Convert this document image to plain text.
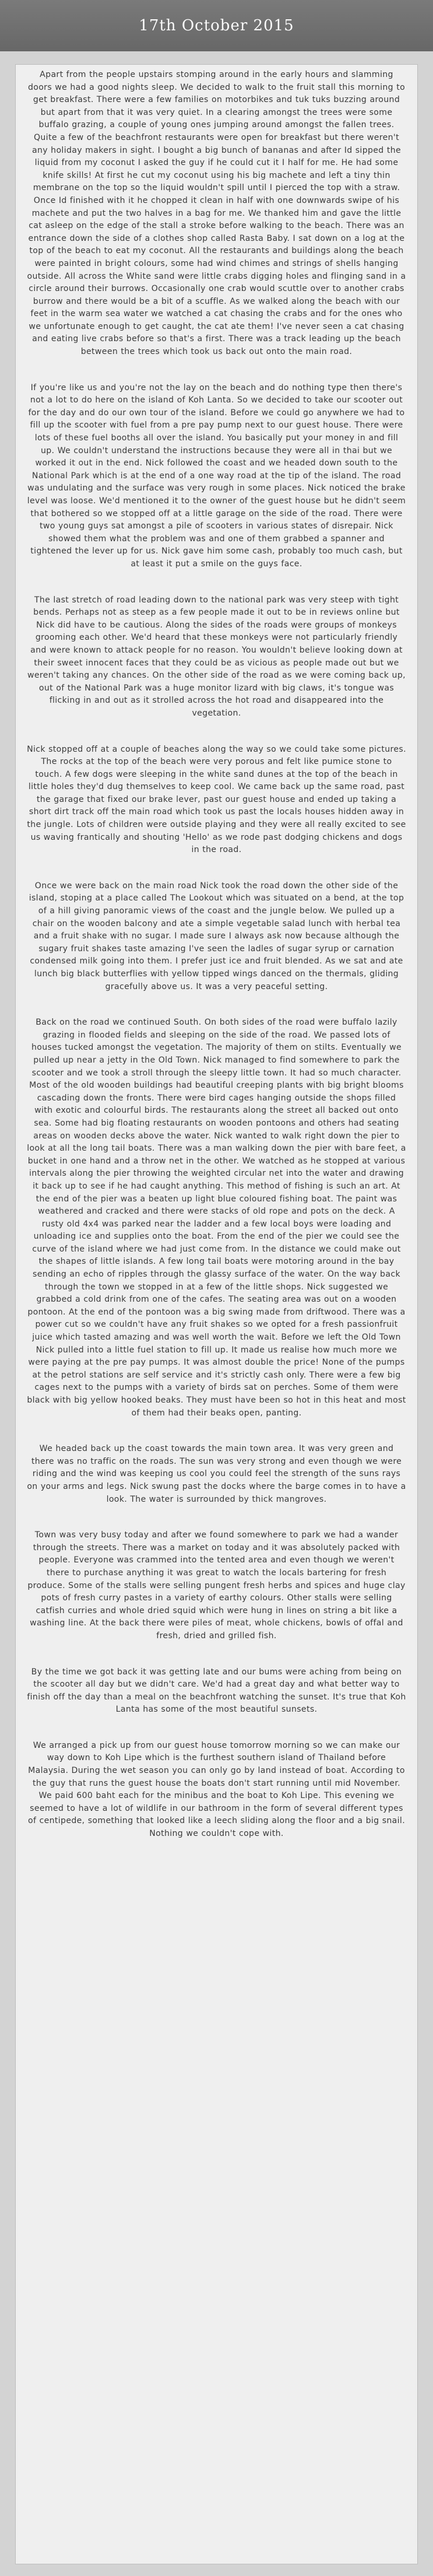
17th October 2015

Apart from the people upstairs stomping around in the early hours and slamming doors we had a good nights sleep. We decided to walk to the fruit stall this morning to get breakfast. There were a few families on motorbikes and tuk tuks buzzing around but apart from that it was very quiet. In a clearing amongst the trees were some buffalo grazing, a couple of young ones jumping around amongst the fallen trees. Quite a few of the beachfront restaurants were open for breakfast but there weren't any holiday makers in sight. I bought a big bunch of bananas and after Id sipped the liquid from my coconut I asked the guy if he could cut it I half for me. He had some knife skills! At first he cut my coconut using his big machete and left a tiny thin membrane on the top so the liquid wouldn't spill until I pierced the top with a straw. Once Id finished with it he chopped it clean in half with one downwards swipe of his machete and put the two halves in a bag for me. We thanked him and gave the little cat asleep on the edge of the stall a stroke before walking to the beach. There was an entrance down the side of a clothes shop called Rasta Baby. I sat down on a log at the top of the beach to eat my coconut. All the restaurants and buildings along the beach were painted in bright colours, some had wind chimes and strings of shells hanging outside. All across the White sand were little crabs digging holes and flinging sand in a circle around their burrows. Occasionally one crab would scuttle over to another crabs burrow and there would be a bit of a scuffle. As we walked along the beach with our feet in the warm sea water we watched a cat chasing the crabs and for the ones who we unfortunate enough to get caught, the cat ate them! I've never seen a cat chasing and eating live crabs before so that's a first. There was a track leading up the beach between the trees which took us back out onto the main road.

If you're like us and you're not the lay on the beach and do nothing type then there's not a lot to do here on the island of Koh Lanta. So we decided to take our scooter out for the day and do our own tour of the island. Before we could go anywhere we had to fill up the scooter with fuel from a pre pay pump next to our guest house. There were lots of these fuel booths all over the island. You basically put your money in and fill up. We couldn't understand the instructions because they were all in thai but we worked it out in the end. Nick followed the coast and we headed down south to the National Park which is at the end of a one way road at the tip of the island. The road was undulating and the surface was very rough in some places. Nick noticed the brake level was loose. We'd mentioned it to the owner of the guest house but he didn't seem that bothered so we stopped off at a little garage on the side of the road. There were two young guys sat amongst a pile of scooters in various states of disrepair. Nick showed them what the problem was and one of them grabbed a spanner and tightened the lever up for us. Nick gave him some cash, probably too much cash, but at least it put a smile on the guys face.

The last stretch of road leading down to the national park was very steep with tight bends. Perhaps not as steep as a few people made it out to be in reviews online but Nick did have to be cautious. Along the sides of the roads were groups of monkeys grooming each other. We'd heard that these monkeys were not particularly friendly and were known to attack people for no reason. You wouldn't believe looking down at their sweet innocent faces that they could be as vicious as people made out but we weren't taking any chances. On the other side of the road as we were coming back up, out of the National Park was a huge monitor lizard with big claws, it's tongue was flicking in and out as it strolled across the hot road and disappeared into the vegetation.

Nick stopped off at a couple of beaches along the way so we could take some pictures. The rocks at the top of the beach were very porous and felt like pumice stone to touch. A few dogs were sleeping in the white sand dunes at the top of the beach in little holes they'd dug themselves to keep cool. We came back up the same road, past the garage that fixed our brake lever, past our guest house and ended up taking a short dirt track off the main road which took us past the locals houses hidden away in the jungle. Lots of children were outside playing and they were all really excited to see us waving frantically and shouting 'Hello' as we rode past dodging chickens and dogs in the road.

Once we were back on the main road Nick took the road down the other side of the island, stoping at a place called The Lookout which was situated on a bend, at the top of a hill giving panoramic views of the coast and the jungle below. We pulled up a chair on the wooden balcony and ate a simple vegetable salad lunch with herbal tea and a fruit shake with no sugar. I made sure I always ask now because although the sugary fruit shakes taste amazing I've seen the ladles of sugar syrup or carnation condensed milk going into them. I prefer just ice and fruit blended. As we sat and ate lunch big black butterflies with yellow tipped wings danced on the thermals, gliding gracefully above us. It was a very peaceful setting.

Back on the road we continued South. On both sides of the road were buffalo lazily grazing in flooded fields and sleeping on the side of the road. We passed lots of houses tucked amongst the vegetation. The majority of them on stilts. Eventually we pulled up near a jetty in the Old Town. Nick managed to find somewhere to park the scooter and we took a stroll through the sleepy little town. It had so much character. Most of the old wooden buildings had beautiful creeping plants with big bright blooms cascading down the fronts. There were bird cages hanging outside the shops filled with exotic and colourful birds. The restaurants along the street all backed out onto sea. Some had big floating restaurants on wooden pontoons and others had seating areas on wooden decks above the water. Nick wanted to walk right down the pier to look at all the long tail boats. There was a man walking down the pier with bare feet, a bucket in one hand and a throw net in the other. We watched as he stopped at various intervals along the pier throwing the weighted circular net into the water and drawing it back up to see if he had caught anything. This method of fishing is such an art. At the end of the pier was a beaten up light blue coloured fishing boat. The paint was weathered and cracked and there were stacks of old rope and pots on the deck. A rusty old 4x4 was parked near the ladder and a few local boys were loading and unloading ice and supplies onto the boat. From the end of the pier we could see the curve of the island where we had just come from. In the distance we could make out the shapes of little islands. A few long tail boats were motoring around in the bay sending an echo of ripples through the glassy surface of the water. On the way back through the town we stopped in at a few of the little shops. Nick suggested we grabbed a cold drink from one of the cafes. The seating area was out on a wooden pontoon. At the end of the pontoon was a big swing made from driftwood. There was a power cut so we couldn't have any fruit shakes so we opted for a fresh passionfruit juice which tasted amazing and was well worth the wait. Before we left the Old Town Nick pulled into a little fuel station to fill up. It made us realise how much more we were paying at the pre pay pumps. It was almost double the price! None of the pumps at the petrol stations are self service and it's strictly cash only. There were a few big cages next to the pumps with a variety of birds sat on perches. Some of them were black with big yellow hooked beaks. They must have been so hot in this heat and most of them had their beaks open, panting.

We headed back up the coast towards the main town area. It was very green and there was no traffic on the roads. The sun was very strong and even though we were riding and the wind was keeping us cool you could feel the strength of the suns rays on your arms and legs. Nick swung past the docks where the barge comes in to have a look. The water is surrounded by thick mangroves.

Town was very busy today and after we found somewhere to park we had a wander through the streets. There was a market on today and it was absolutely packed with people. Everyone was crammed into the tented area and even though we weren't there to purchase anything it was great to watch the locals bartering for fresh produce. Some of the stalls were selling pungent fresh herbs and spices and huge clay pots of fresh curry pastes in a variety of earthy colours. Other stalls were selling catfish curries and whole dried squid which were hung in lines on string a bit like a washing line. At the back there were piles of meat, whole chickens, bowls of offal and fresh, dried and grilled fish.

By the time we got back it was getting late and our bums were aching from being on the scooter all day but we didn't care. We'd had a great day and what better way to finish off the day than a meal on the beachfront watching the sunset. It's true that Koh Lanta has some of the most beautiful sunsets.

We arranged a pick up from our guest house tomorrow morning so we can make our way down to Koh Lipe which is the furthest southern island of Thailand before Malaysia. During the wet season you can only go by land instead of boat. According to the guy that runs the guest house the boats don't start running until mid November. We paid 600 baht each for the minibus and the boat to Koh Lipe. This evening we seemed to have a lot of wildlife in our bathroom in the form of several different types of centipede, something that looked like a leech sliding along the floor and a big snail. Nothing we couldn't cope with.
